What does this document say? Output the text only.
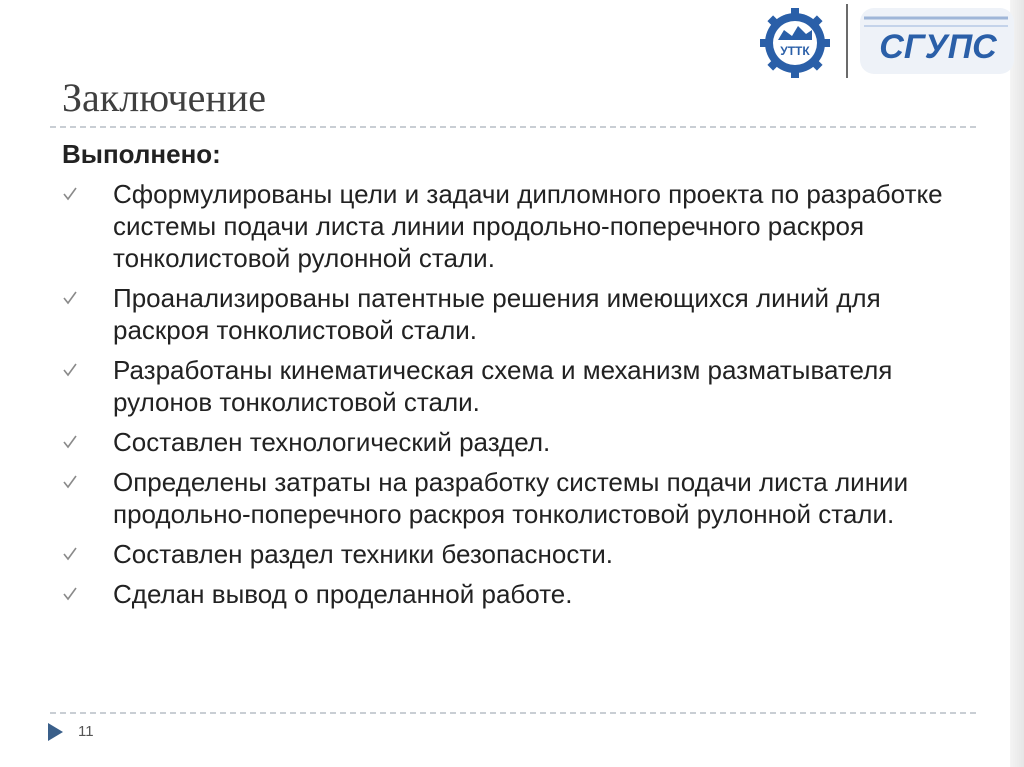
УТТК СГУПС
Заключение
Выполнено:
Сформулированы цели и задачи дипломного проекта по разработке системы подачи листа линии продольно-поперечного раскроя тонколистовой рулонной стали.
Проанализированы патентные решения имеющихся линий для раскроя тонколистовой стали.
Разработаны кинематическая схема и механизм разматывателя рулонов тонколистовой стали.
Составлен технологический раздел.
Определены затраты на разработку системы подачи листа линии продольно-поперечного раскроя тонколистовой рулонной стали.
Составлен раздел техники безопасности.
Сделан вывод о проделанной работе.
11
